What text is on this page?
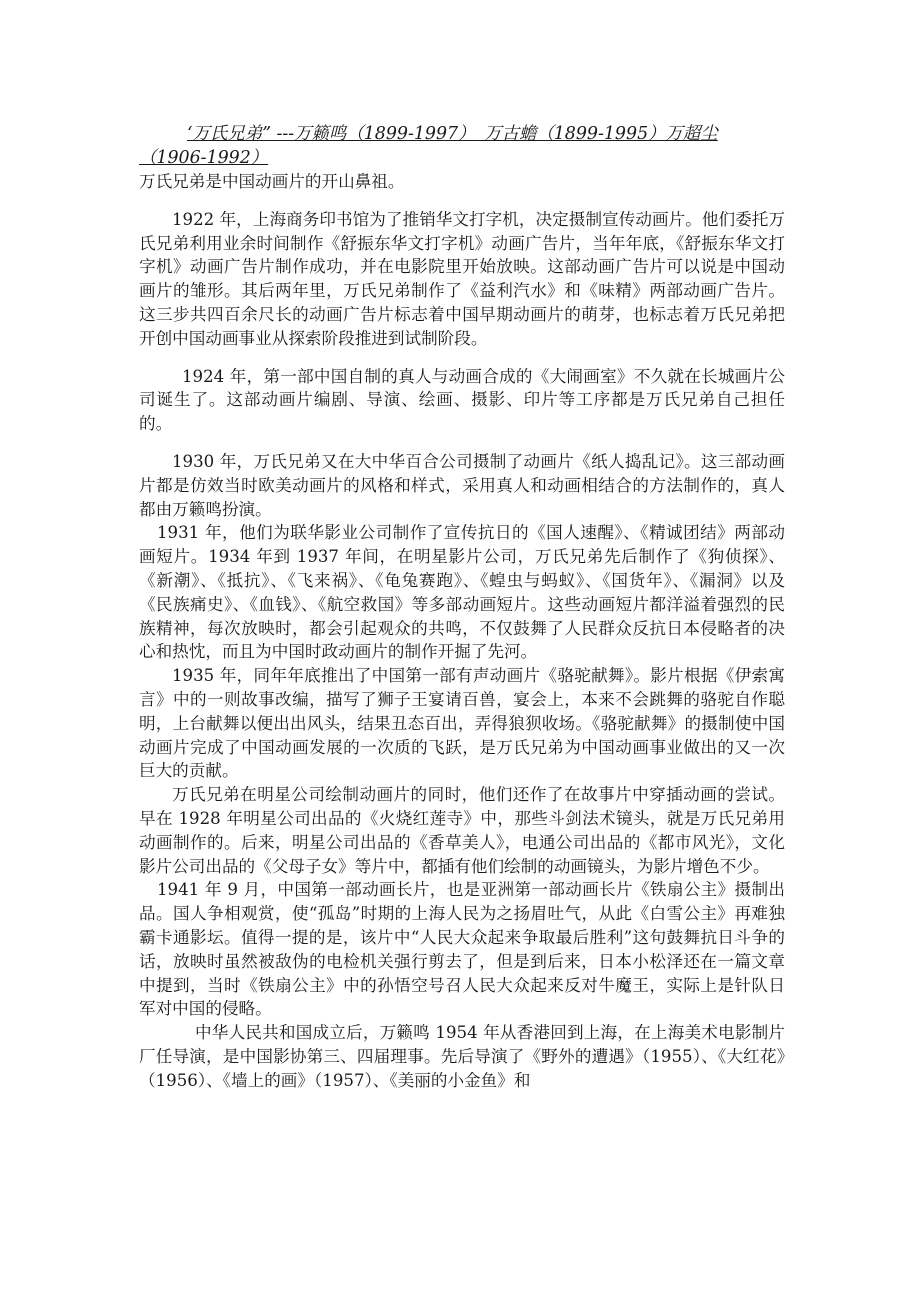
‘万氏兄弟” ---万籁鸣（1899-1997）　万古蟾（1899-1995）万超尘（1906-1992）

万氏兄弟是中国动画片的开山鼻祖。

1922 年，上海商务印书馆为了推销华文打字机，决定摄制宣传动画片。他们委托万氏兄弟利用业余时间制作《舒振东华文打字机》动画广告片，当年年底，《舒振东华文打字机》动画广告片制作成功，并在电影院里开始放映。这部动画广告片可以说是中国动画片的雏形。其后两年里，万氏兄弟制作了《益利汽水》和《味精》两部动画广告片。这三步共四百余尺长的动画广告片标志着中国早期动画片的萌芽，也标志着万氏兄弟把开创中国动画事业从探索阶段推进到试制阶段。

1924 年，第一部中国自制的真人与动画合成的《大闹画室》不久就在长城画片公司诞生了。这部动画片编剧、导演、绘画、摄影、印片等工序都是万氏兄弟自己担任的。

1930 年，万氏兄弟又在大中华百合公司摄制了动画片《纸人捣乱记》。这三部动画片都是仿效当时欧美动画片的风格和样式，采用真人和动画相结合的方法制作的，真人都由万籁鸣扮演。

1931 年，他们为联华影业公司制作了宣传抗日的《国人速醒》、《精诚团结》两部动画短片。1934 年到 1937 年间，在明星影片公司，万氏兄弟先后制作了《狗侦探》、《新潮》、《抵抗》、《飞来祸》、《龟兔赛跑》、《蝗虫与蚂蚁》、《国货年》、《漏洞》以及《民族痛史》、《血钱》、《航空救国》等多部动画短片。这些动画短片都洋溢着强烈的民族精神，每次放映时，都会引起观众的共鸣，不仅鼓舞了人民群众反抗日本侵略者的决心和热忱，而且为中国时政动画片的制作开掘了先河。

1935 年，同年年底推出了中国第一部有声动画片《骆驼献舞》。影片根据《伊索寓言》中的一则故事改编，描写了狮子王宴请百兽，宴会上，本来不会跳舞的骆驼自作聪明，上台献舞以便出出风头，结果丑态百出，弄得狼狈收场。《骆驼献舞》的摄制使中国动画片完成了中国动画发展的一次质的飞跃，是万氏兄弟为中国动画事业做出的又一次巨大的贡献。

万氏兄弟在明星公司绘制动画片的同时，他们还作了在故事片中穿插动画的尝试。早在 1928 年明星公司出品的《火烧红莲寺》中，那些斗剑法术镜头，就是万氏兄弟用动画制作的。后来，明星公司出品的《香草美人》，电通公司出品的《都市风光》，文化影片公司出品的《父母子女》等片中，都插有他们绘制的动画镜头，为影片增色不少。

1941 年 9 月，中国第一部动画长片，也是亚洲第一部动画长片《铁扇公主》摄制出品。国人争相观赏，使“孤岛”时期的上海人民为之扬眉吐气，从此《白雪公主》再难独霸卡通影坛。值得一提的是，该片中“人民大众起来争取最后胜利”这句鼓舞抗日斗争的话，放映时虽然被敌伪的电检机关强行剪去了，但是到后来，日本小松泽还在一篇文章中提到，当时《铁扇公主》中的孙悟空号召人民大众起来反对牛魔王，实际上是针队日军对中国的侵略。

中华人民共和国成立后，万籁鸣 1954 年从香港回到上海，在上海美术电影制片厂任导演，是中国影协第三、四届理事。先后导演了《野外的遭遇》（1955）、《大红花》（1956）、《墙上的画》（1957）、《美丽的小金鱼》和
